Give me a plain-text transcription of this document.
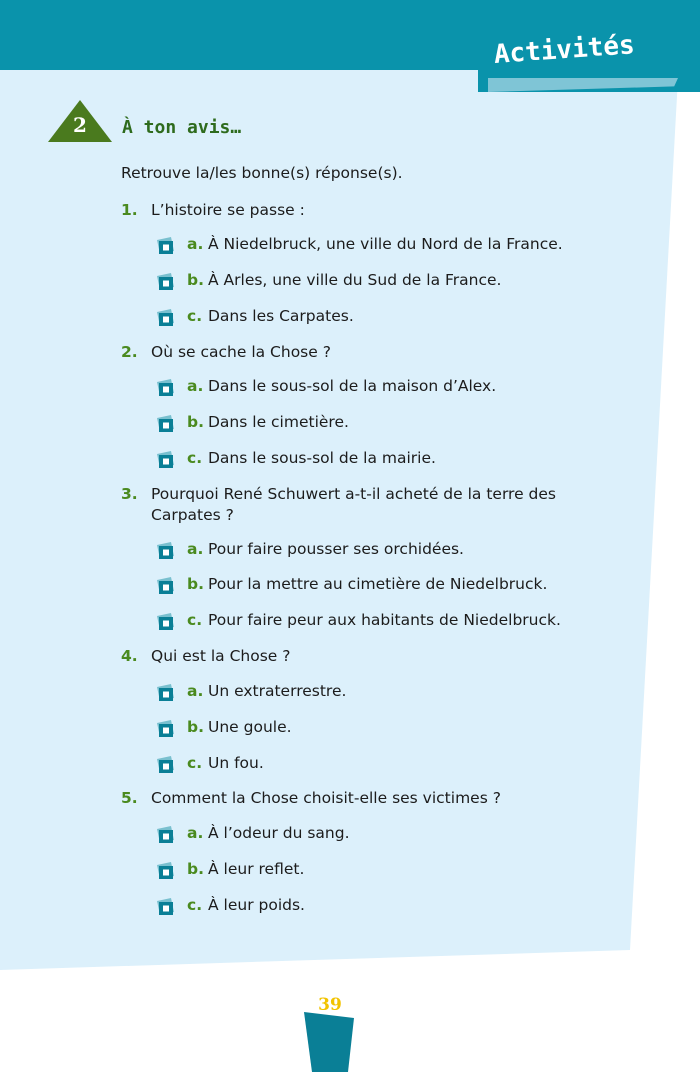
Activités
2	À ton avis…
Retrouve la/les bonne(s) réponse(s).
1. L’histoire se passe :
a. À Niedelbruck, une ville du Nord de la France.
b. À Arles, une ville du Sud de la France.
c. Dans les Carpates.
2. Où se cache la Chose ?
a. Dans le sous-sol de la maison d’Alex.
b. Dans le cimetière.
c. Dans le sous-sol de la mairie.
3. Pourquoi René Schuwert a-t-il acheté de la terre des Carpates ?
a. Pour faire pousser ses orchidées.
b. Pour la mettre au cimetière de Niedelbruck.
c. Pour faire peur aux habitants de Niedelbruck.
4. Qui est la Chose ?
a. Un extraterrestre.
b. Une goule.
c. Un fou.
5. Comment la Chose choisit-elle ses victimes ?
a. À l’odeur du sang.
b. À leur reflet.
c. À leur poids.
39
